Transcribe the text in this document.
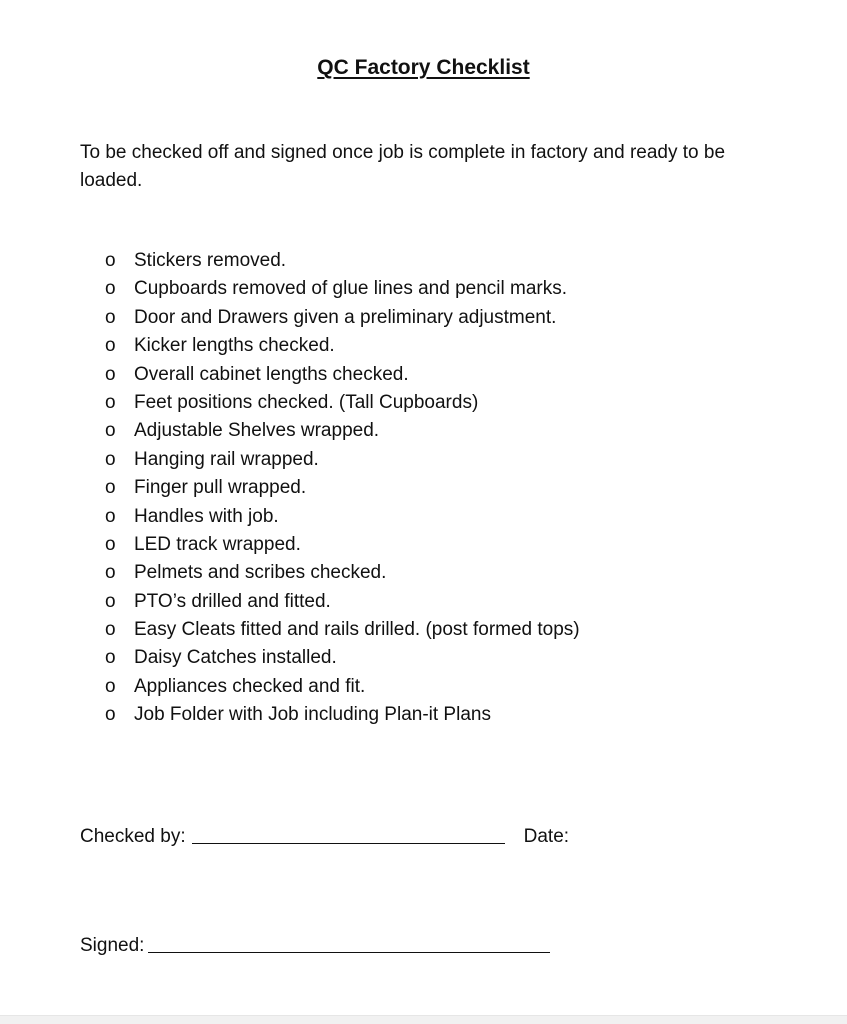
QC Factory Checklist

To be checked off and signed once job is complete in factory and ready to be loaded.

o Stickers removed.
o Cupboards removed of glue lines and pencil marks.
o Door and Drawers given a preliminary adjustment.
o Kicker lengths checked.
o Overall cabinet lengths checked.
o Feet positions checked. (Tall Cupboards)
o Adjustable Shelves wrapped.
o Hanging rail wrapped.
o Finger pull wrapped.
o Handles with job.
o LED track wrapped.
o Pelmets and scribes checked.
o PTO’s drilled and fitted.
o Easy Cleats fitted and rails drilled. (post formed tops)
o Daisy Catches installed.
o Appliances checked and fit.
o Job Folder with Job including Plan-it Plans
Checked by:	Date:
Signed:
